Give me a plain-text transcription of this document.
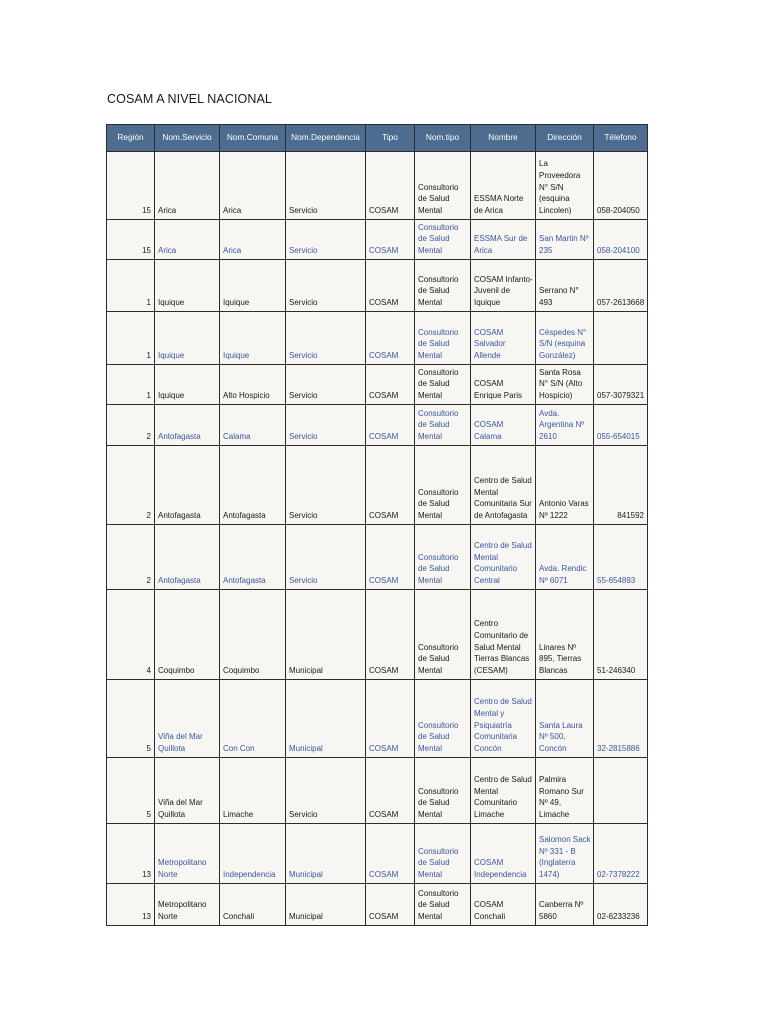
COSAM A NIVEL NACIONAL
Región	Nom.Servicio	Nom.Comuna	Nom.Dependencia	Tipo	Nom.tipo	Nombre	Dirección	Télefono
15	Arica	Arica	Servicio	COSAM	Consultorio de Salud Mental	ESSMA Norte de Arica	La Proveedora N° S/N (esquina Lincolen)	058-204050
15	Arica	Arica	Servicio	COSAM	Consultorio de Salud Mental	ESSMA Sur de Arica	San Martin Nº 235	058-204100
1	Iquique	Iquique	Servicio	COSAM	Consultorio de Salud Mental	COSAM Infanto-Juvenil de Iquique	Serrano N° 493	057-2613668
1	Iquique	Iquique	Servicio	COSAM	Consultorio de Salud Mental	COSAM Salvador Allende	Céspedes N° S/N (esquina González)	
1	Iquique	Alto Hospicio	Servicio	COSAM	Consultorio de Salud Mental	COSAM Enrique Paris	Santa Rosa N° S/N (Alto Hospicio)	057-3079321
2	Antofagasta	Calama	Servicio	COSAM	Consultorio de Salud Mental	COSAM Calama	Avda. Argentina Nº 2610	055-654015
2	Antofagasta	Antofagasta	Servicio	COSAM	Consultorio de Salud Mental	Centro de Salud Mental Comunitaria Sur de Antofagasta	Antonio Varas Nº 1222	841592
2	Antofagasta	Antofagasta	Servicio	COSAM	Consultorio de Salud Mental	Centro de Salud Mental Comunitario Central	Avda. Rendic Nº 6071	55-654893
4	Coquimbo	Coquimbo	Municipal	COSAM	Consultorio de Salud Mental	Centro Comunitario de Salud Mental Tierras Blancas (CESAM)	Linares Nº 895, Tierras Blancas	51-246340
5	Viña del Mar Quillota	Con Con	Municipal	COSAM	Consultorio de Salud Mental	Centro de Salud Mental y Psiquiatría Comunitaria Concón	Santa Laura Nº 500, Concón	32-2815886
5	Viña del Mar Quillota	Limache	Servicio	COSAM	Consultorio de Salud Mental	Centro de Salud Mental Comunitario Limache	Palmira Romano Sur Nº 49, Limache	
13	Metropolitano Norte	Independencia	Municipal	COSAM	Consultorio de Salud Mental	COSAM Independencia	Salomon Sack Nº 331 - B (Inglaterra 1474)	02-7378222
13	Metropolitano Norte	Conchali	Municipal	COSAM	Consultorio de Salud Mental	COSAM Conchali	Canberra Nº 5860	02-6233236
